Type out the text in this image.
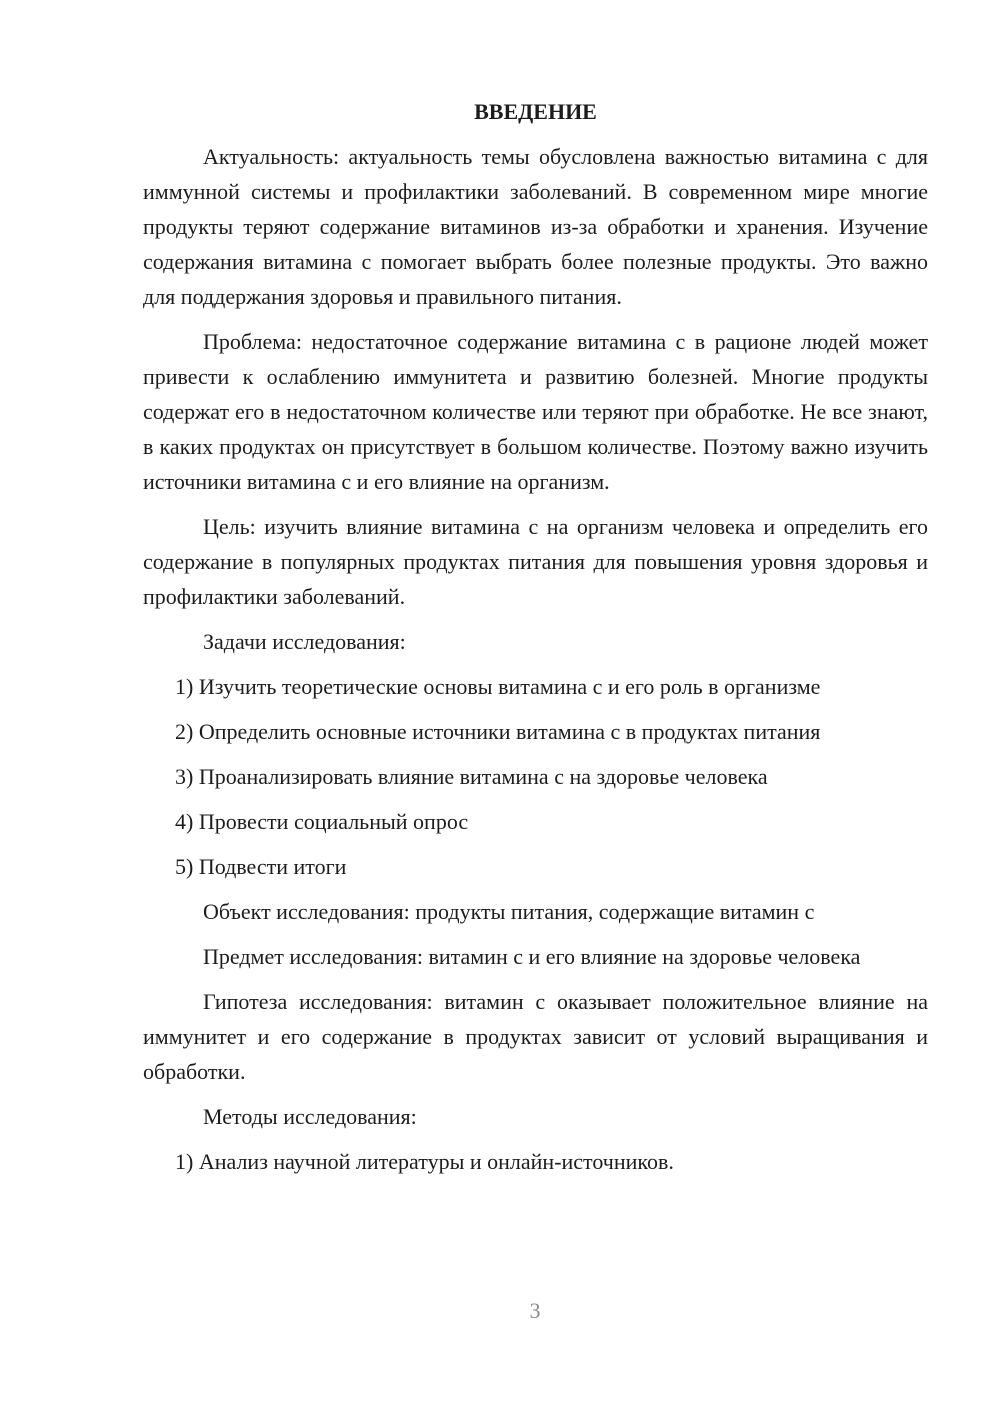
ВВЕДЕНИЕ

Актуальность: актуальность темы обусловлена важностью витамина с для иммунной системы и профилактики заболеваний. В современном мире многие продукты теряют содержание витаминов из-за обработки и хранения. Изучение содержания витамина с помогает выбрать более полезные продукты. Это важно для поддержания здоровья и правильного питания.

Проблема: недостаточное содержание витамина с в рационе людей может привести к ослаблению иммунитета и развитию болезней. Многие продукты содержат его в недостаточном количестве или теряют при обработке. Не все знают, в каких продуктах он присутствует в большом количестве. Поэтому важно изучить источники витамина с и его влияние на организм.

Цель: изучить влияние витамина с на организм человека и определить его содержание в популярных продуктах питания для повышения уровня здоровья и профилактики заболеваний.

Задачи исследования:

1) Изучить теоретические основы витамина с и его роль в организме
2) Определить основные источники витамина с в продуктах питания
3) Проанализировать влияние витамина с на здоровье человека
4) Провести социальный опрос
5) Подвести итоги

Объект исследования: продукты питания, содержащие витамин с

Предмет исследования: витамин с и его влияние на здоровье человека

Гипотеза исследования: витамин с оказывает положительное влияние на иммунитет и его содержание в продуктах зависит от условий выращивания и обработки.

Методы исследования:

1) Анализ научной литературы и онлайн-источников.
3
